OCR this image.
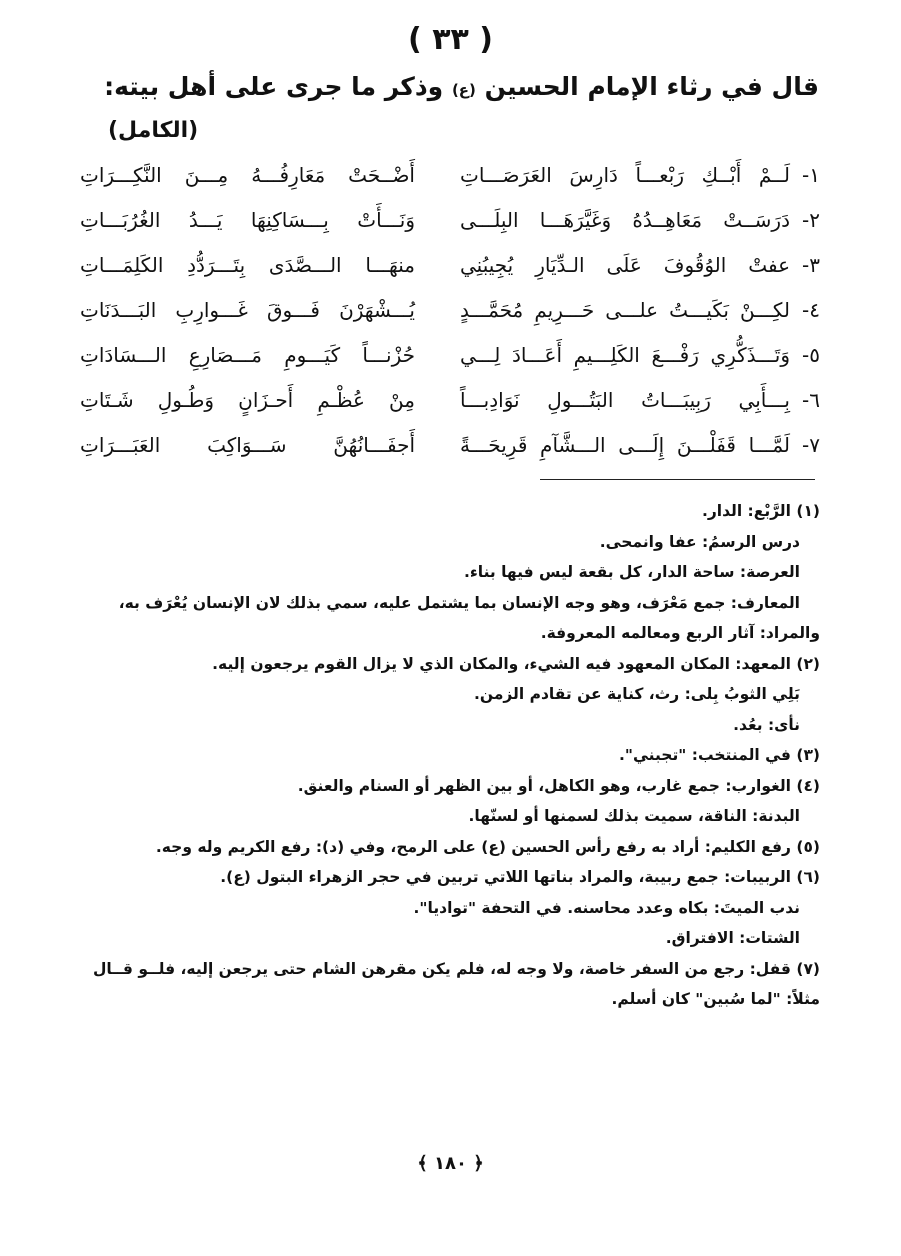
( ٣٣ )
قال في رثاء الإمام الحسين (ع) وذكر ما جرى على أهل بيته:
(الكامل)
١-
لَــمْ أَبْــكِ رَبْعـــاً دَارِسَ العَرَصَـــاتِ
أَضْــحَتْ مَعَارِفُـــهُ مِـــنَ النَّكِـــرَاتِ
٢-
دَرَسَــتْ مَعَاهِــدُهُ وَغَيَّرَهَـــا البِلَـــى
وَنَـــأَتْ بِـــسَاكِنِهَا يَـــدُ الغُرُبَـــاتِ
٣-
عفتْ الوُقُوفَ عَلَى الـدِّيَارِ يُجِيبُنِي
منهَـــا الـــصَّدَى بِتَـــرَدُّدِ الكَلِمَـــاتِ
٤-
لكِـــنْ بَكَيـــتُ علـــى حَـــرِيمِ مُحَمَّـــدٍ
يُـــشْهَرْنَ فَـــوقَ غَـــوارِبِ البَـــدَنَاتِ
٥-
وَتَـــذَكُّرِي رَفْـــعَ الكَلِـــيمِ أَعَـــادَ لِـــي
حُزْنـــاً كَيَـــومِ مَـــصَارِعِ الـــسَادَاتِ
٦-
بِـــأَبِي رَبِيبَـــاتُ البَتُـــولِ نَوَادِبـــاً
مِنْ عُظْـمِ أَحـزَانٍ وَطُـولِ شَـتَاتِ
٧-
لَمَّـــا قَفَلْـــنَ إِلَـــى الـــشَّآمِ قَرِيحَـــةً
أَجفَـــانُهُنَّ سَـــوَاكِبَ العَبَـــرَاتِ
(١) الرَّبْع: الدار.
درس الرسمُ: عفا وانمحى.
العرصة: ساحة الدار، كل بقعة ليس فيها بناء.
المعارف: جمع مَعْرَف، وهو وجه الإنسان بما يشتمل عليه، سمي بذلك لان الإنسان يُعْرَف به،
والمراد: آثار الربع ومعالمه المعروفة.
(٢) المعهد: المكان المعهود فيه الشيء، والمكان الذي لا يزال القوم يرجعون إليه.
بَلِي الثوبُ بِلى: رث، كناية عن تقادم الزمن.
نأى: بعُد.
(٣) في المنتخب: "تجبني".
(٤) الغوارب: جمع غارب، وهو الكاهل، أو بين الظهر أو السنام والعنق.
البدنة: الناقة، سميت بذلك لسمنها أو لسنّها.
(٥) رفع الكليم: أراد به رفع رأس الحسين (ع) على الرمح، وفي (د): رفع الكريم وله وجه.
(٦) الربيبات: جمع ربيبة، والمراد بناتها اللاتي تربين في حجر الزهراء البتول (ع).
ندب الميتَ: بكاه وعدد محاسنه. في التحفة "تواديا".
الشتات: الافتراق.
(٧) قفل: رجع من السفر خاصة، ولا وجه له، فلم يكن مقرهن الشام حتى يرجعن إليه، فلــو قــال
مثلاً: "لما سُبين" كان أسلم.
﴿ ١٨٠ ﴾
